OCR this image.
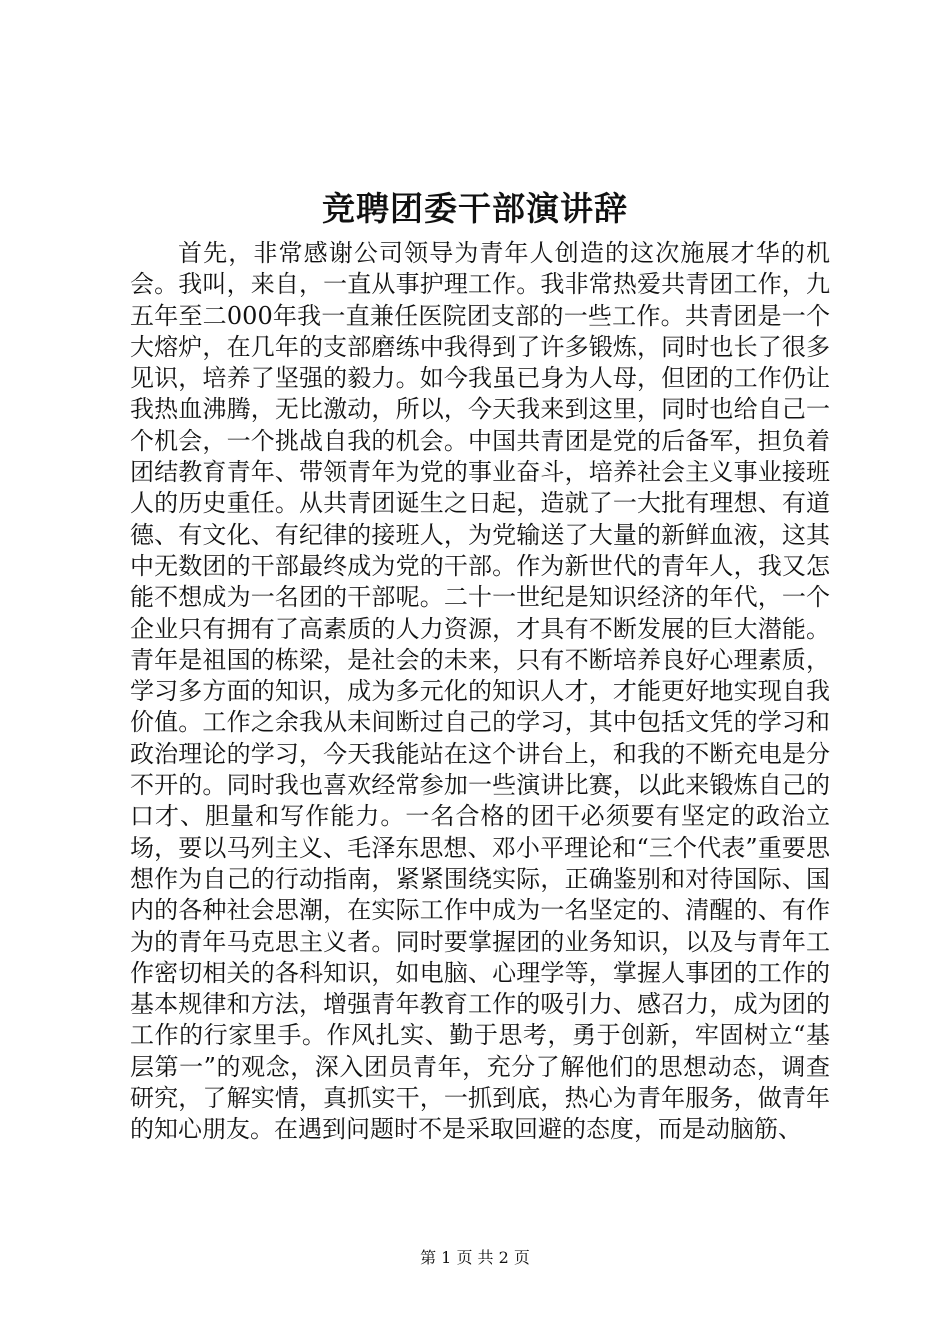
竞聘团委干部演讲辞

首先，非常感谢公司领导为青年人创造的这次施展才华的机会。我叫，来自，一直从事护理工作。我非常热爱共青团工作，九五年至二000年我一直兼任医院团支部的一些工作。共青团是一个大熔炉，在几年的支部磨练中我得到了许多锻炼，同时也长了很多见识，培养了坚强的毅力。如今我虽已身为人母，但团的工作仍让我热血沸腾，无比激动，所以，今天我来到这里，同时也给自己一个机会，一个挑战自我的机会。中国共青团是党的后备军，担负着团结教育青年、带领青年为党的事业奋斗，培养社会主义事业接班人的历史重任。从共青团诞生之日起，造就了一大批有理想、有道德、有文化、有纪律的接班人，为党输送了大量的新鲜血液，这其中无数团的干部最终成为党的干部。作为新世代的青年人，我又怎能不想成为一名团的干部呢。二十一世纪是知识经济的年代，一个企业只有拥有了高素质的人力资源，才具有不断发展的巨大潜能。青年是祖国的栋梁，是社会的未来，只有不断培养良好心理素质，学习多方面的知识，成为多元化的知识人才，才能更好地实现自我价值。工作之余我从未间断过自己的学习，其中包括文凭的学习和政治理论的学习，今天我能站在这个讲台上，和我的不断充电是分不开的。同时我也喜欢经常参加一些演讲比赛，以此来锻炼自己的口才、胆量和写作能力。一名合格的团干必须要有坚定的政治立场，要以马列主义、毛泽东思想、邓小平理论和“三个代表”重要思想作为自己的行动指南，紧紧围绕实际，正确鉴别和对待国际、国内的各种社会思潮，在实际工作中成为一名坚定的、清醒的、有作为的青年马克思主义者。同时要掌握团的业务知识，以及与青年工作密切相关的各科知识，如电脑、心理学等，掌握人事团的工作的基本规律和方法，增强青年教育工作的吸引力、感召力，成为团的工作的行家里手。作风扎实、勤于思考，勇于创新，牢固树立“基层第一”的观念，深入团员青年，充分了解他们的思想动态，调查研究，了解实情，真抓实干，一抓到底，热心为青年服务，做青年的知心朋友。在遇到问题时不是采取回避的态度，而是动脑筋、

第 1 页 共 2 页
